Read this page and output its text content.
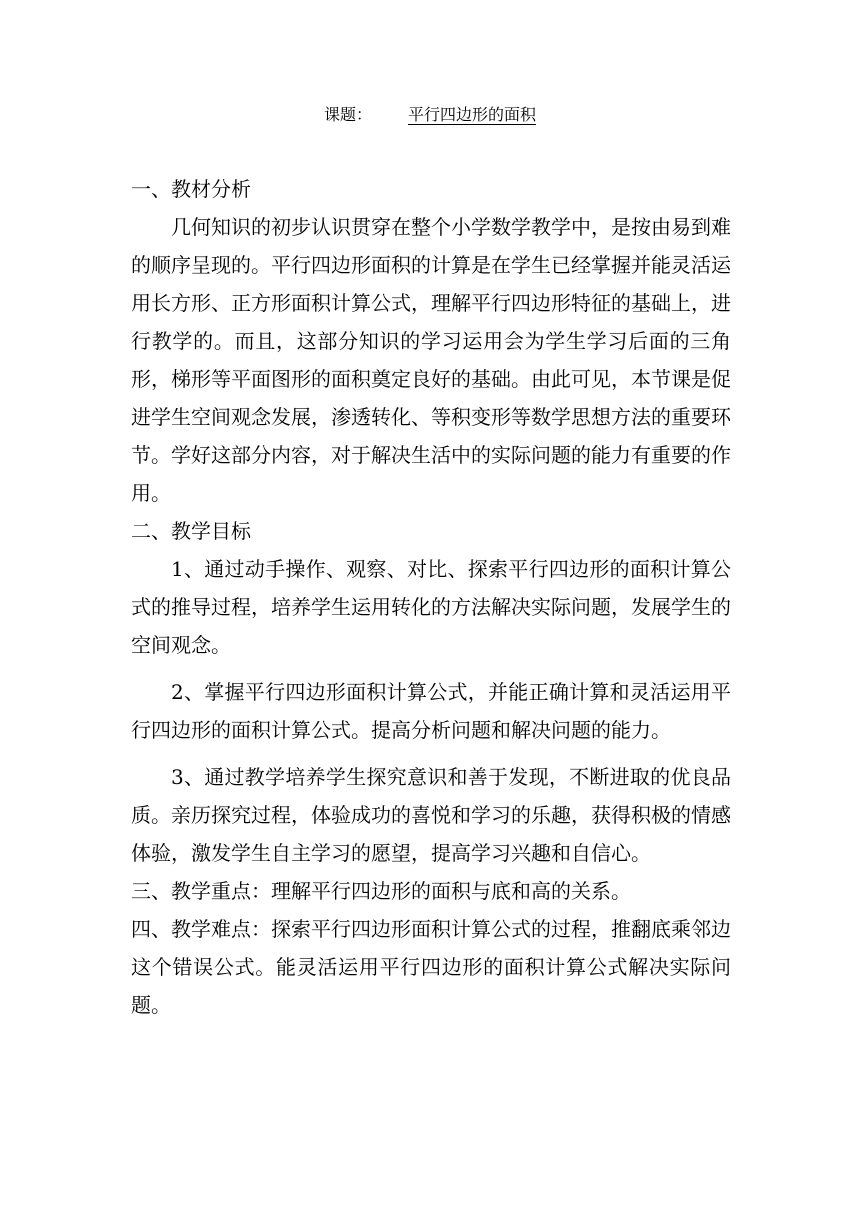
课题： 平行四边形的面积

一、教材分析

几何知识的初步认识贯穿在整个小学数学教学中，是按由易到难的顺序呈现的。平行四边形面积的计算是在学生已经掌握并能灵活运用长方形、正方形面积计算公式，理解平行四边形特征的基础上，进行教学的。而且，这部分知识的学习运用会为学生学习后面的三角形，梯形等平面图形的面积奠定良好的基础。由此可见，本节课是促进学生空间观念发展，渗透转化、等积变形等数学思想方法的重要环节。学好这部分内容，对于解决生活中的实际问题的能力有重要的作用。

二、教学目标

1、通过动手操作、观察、对比、探索平行四边形的面积计算公式的推导过程，培养学生运用转化的方法解决实际问题，发展学生的空间观念。

2、掌握平行四边形面积计算公式，并能正确计算和灵活运用平行四边形的面积计算公式。提高分析问题和解决问题的能力。

3、通过教学培养学生探究意识和善于发现，不断进取的优良品质。亲历探究过程，体验成功的喜悦和学习的乐趣，获得积极的情感体验，激发学生自主学习的愿望，提高学习兴趣和自信心。

三、教学重点：理解平行四边形的面积与底和高的关系。

四、教学难点：探索平行四边形面积计算公式的过程，推翻底乘邻边这个错误公式。能灵活运用平行四边形的面积计算公式解决实际问题。
